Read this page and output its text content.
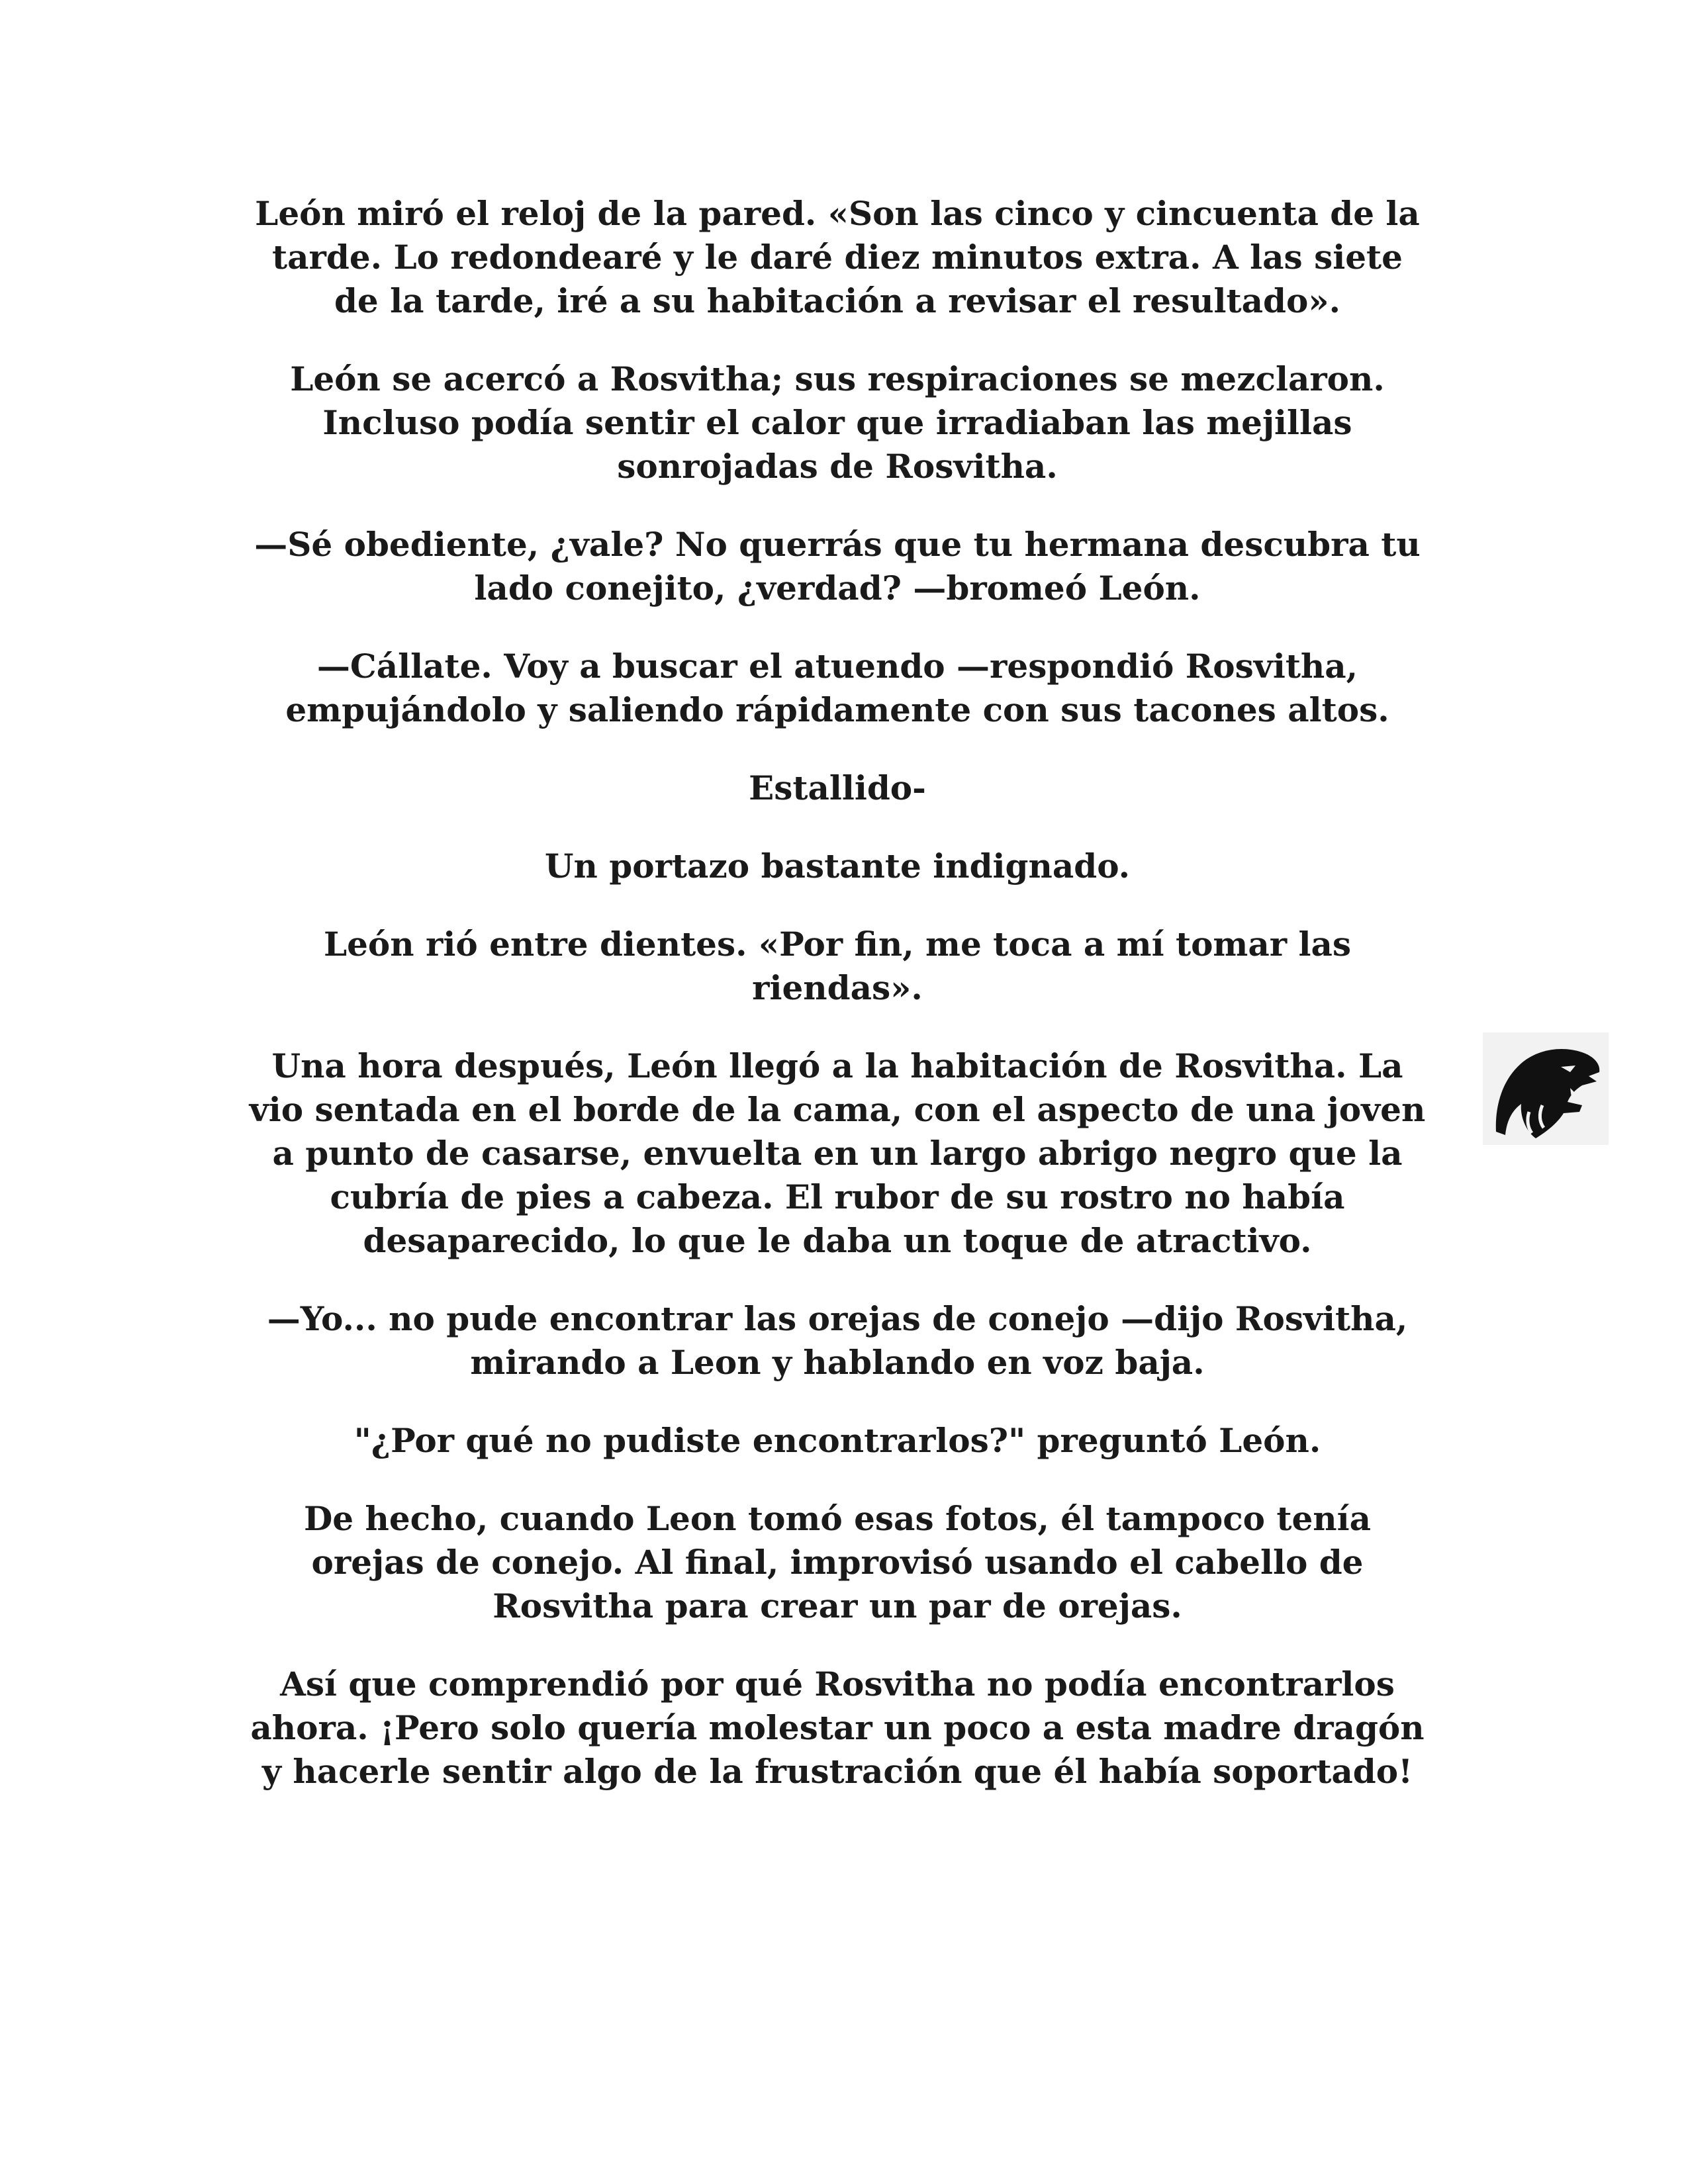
León miró el reloj de la pared. «Son las cinco y cincuenta de la
tarde. Lo redondearé y le daré diez minutos extra. A las siete
de la tarde, iré a su habitación a revisar el resultado».

León se acercó a Rosvitha; sus respiraciones se mezclaron.
Incluso podía sentir el calor que irradiaban las mejillas
sonrojadas de Rosvitha.

—Sé obediente, ¿vale? No querrás que tu hermana descubra tu
lado conejito, ¿verdad? —bromeó León.

—Cállate. Voy a buscar el atuendo —respondió Rosvitha,
empujándolo y saliendo rápidamente con sus tacones altos.

Estallido-

Un portazo bastante indignado.

León rió entre dientes. «Por fin, me toca a mí tomar las
riendas».

Una hora después, León llegó a la habitación de Rosvitha. La
vio sentada en el borde de la cama, con el aspecto de una joven
a punto de casarse, envuelta en un largo abrigo negro que la
cubría de pies a cabeza. El rubor de su rostro no había
desaparecido, lo que le daba un toque de atractivo.

—Yo... no pude encontrar las orejas de conejo —dijo Rosvitha,
mirando a Leon y hablando en voz baja.

"¿Por qué no pudiste encontrarlos?" preguntó León.

De hecho, cuando Leon tomó esas fotos, él tampoco tenía
orejas de conejo. Al final, improvisó usando el cabello de
Rosvitha para crear un par de orejas.

Así que comprendió por qué Rosvitha no podía encontrarlos
ahora. ¡Pero solo quería molestar un poco a esta madre dragón
y hacerle sentir algo de la frustración que él había soportado!
